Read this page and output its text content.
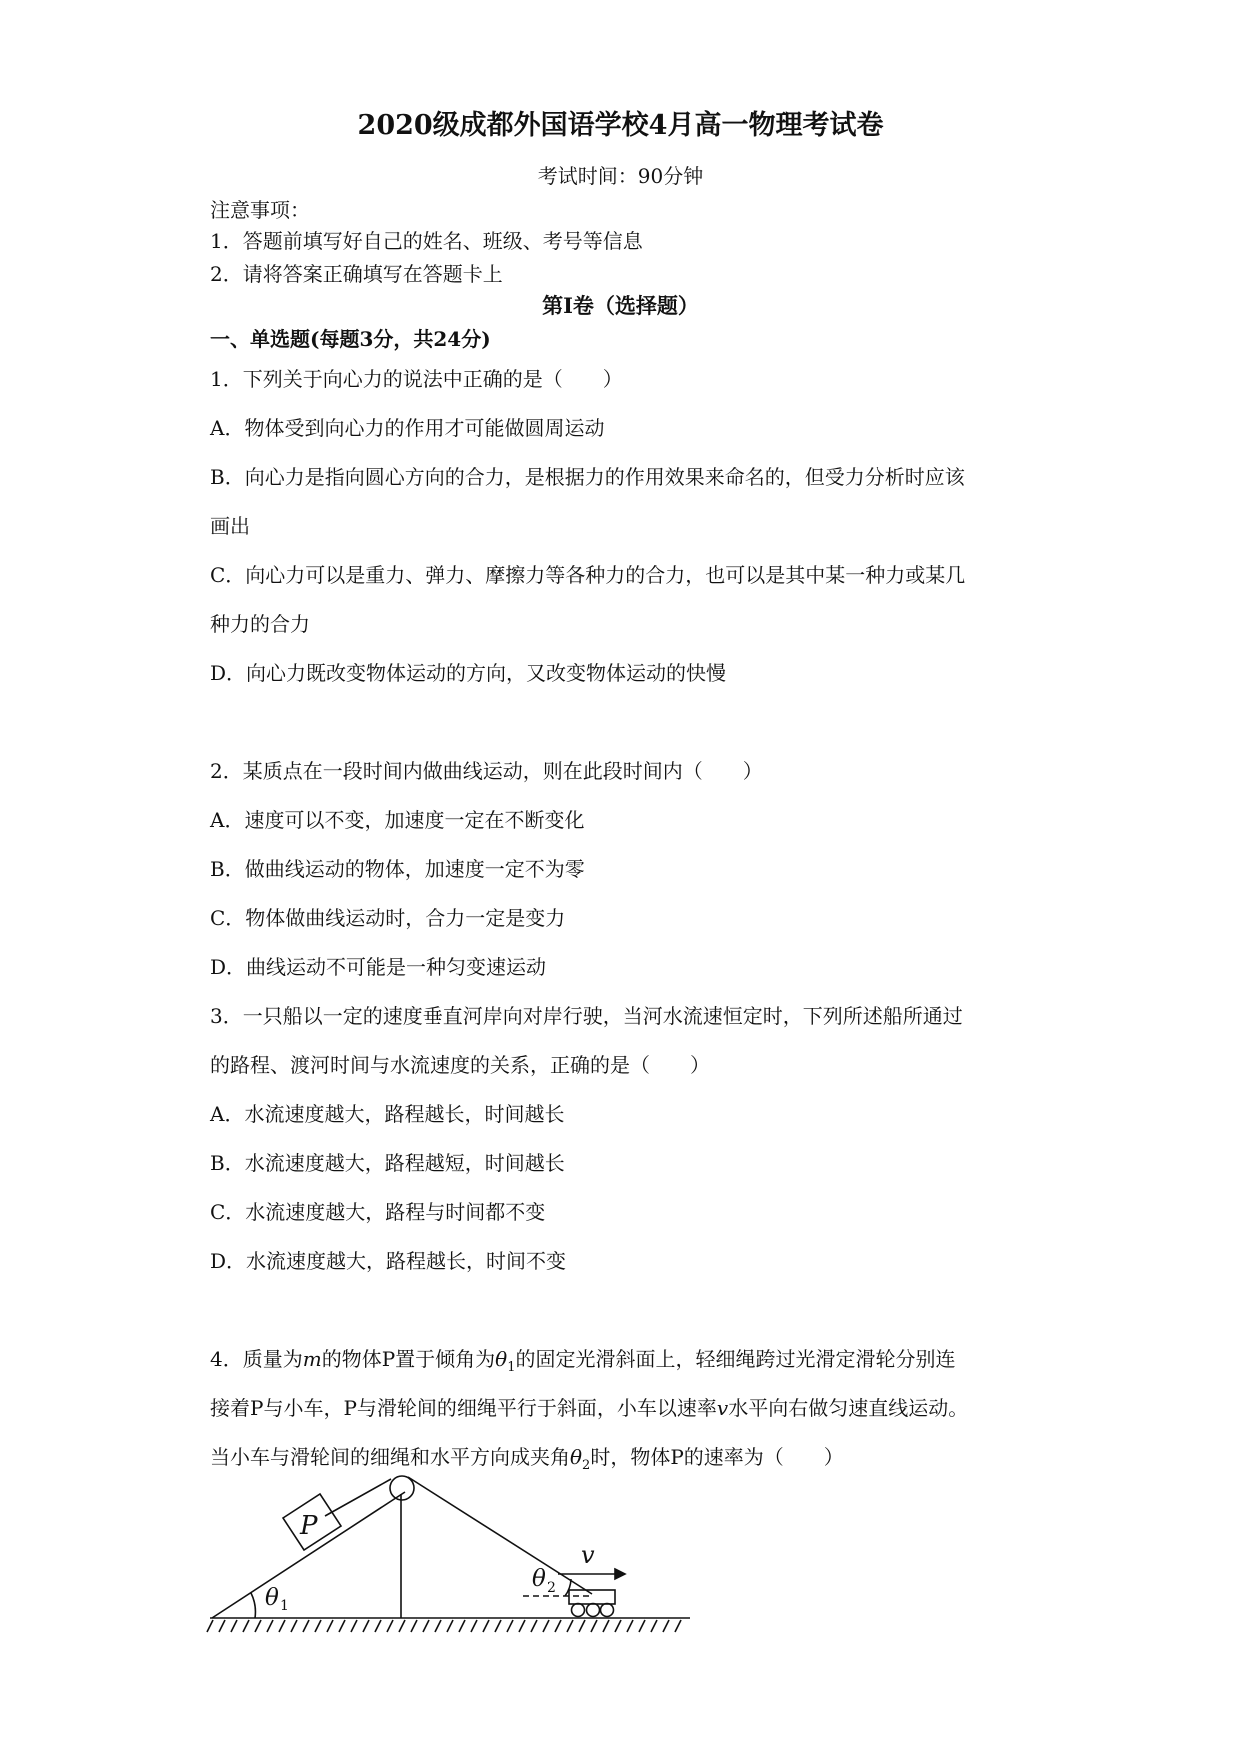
2020级成都外国语学校4月高一物理考试卷
考试时间：90分钟
注意事项：
1．答题前填写好自己的姓名、班级、考号等信息
2．请将答案正确填写在答题卡上
第Ⅰ卷（选择题）
一、单选题(每题3分，共24分)
1．下列关于向心力的说法中正确的是（　　）
A．物体受到向心力的作用才可能做圆周运动
B．向心力是指向圆心方向的合力，是根据力的作用效果来命名的，但受力分析时应该
画出
C．向心力可以是重力、弹力、摩擦力等各种力的合力，也可以是其中某一种力或某几
种力的合力
D．向心力既改变物体运动的方向，又改变物体运动的快慢
2．某质点在一段时间内做曲线运动，则在此段时间内（　　）
A．速度可以不变，加速度一定在不断变化
B．做曲线运动的物体，加速度一定不为零
C．物体做曲线运动时，合力一定是变力
D．曲线运动不可能是一种匀变速运动
3．一只船以一定的速度垂直河岸向对岸行驶，当河水流速恒定时，下列所述船所通过
的路程、渡河时间与水流速度的关系，正确的是（　　）
A．水流速度越大，路程越长，时间越长
B．水流速度越大，路程越短，时间越长
C．水流速度越大，路程与时间都不变
D．水流速度越大，路程越长，时间不变
4．质量为m的物体P置于倾角为$\theta_1$的固定光滑斜面上，轻细绳跨过光滑定滑轮分别连
接着P与小车，P与滑轮间的细绳平行于斜面，小车以速率v水平向右做匀速直线运动。
当小车与滑轮间的细绳和水平方向成夹角$\theta_2$时，物体P的速率为（　　）
P
θ 1
θ 2
v
